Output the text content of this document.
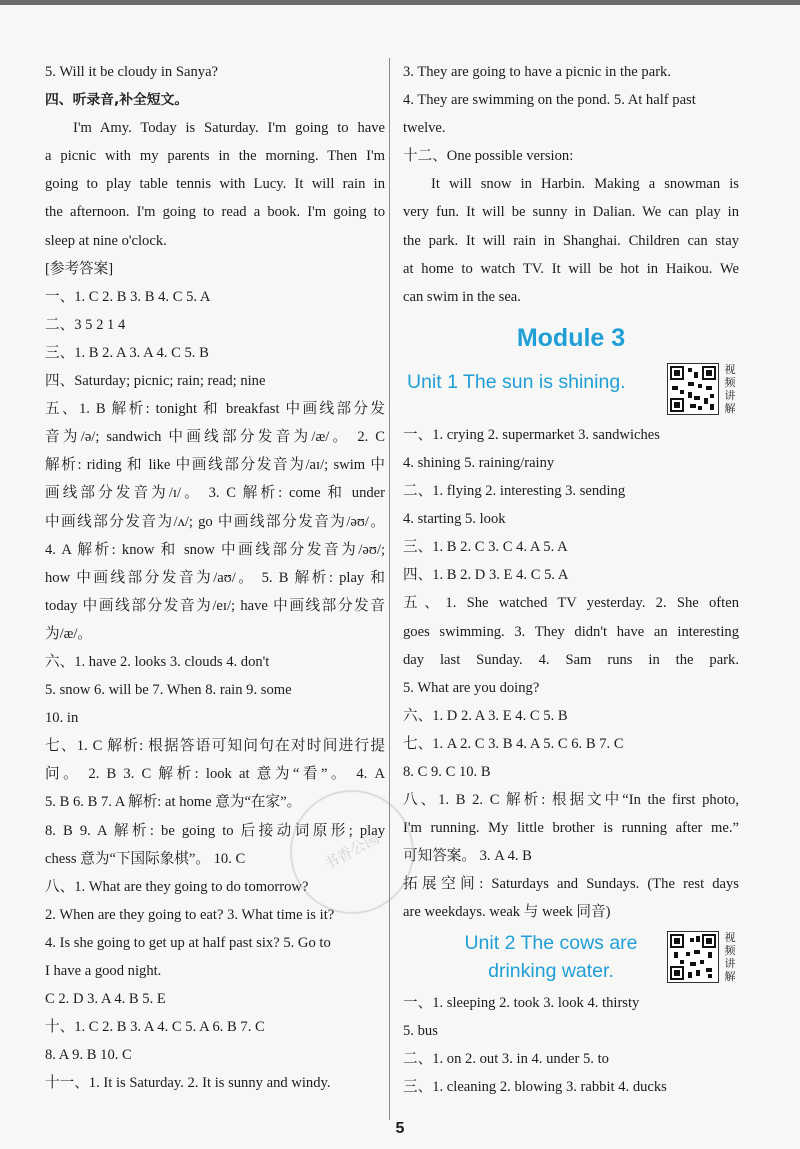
5. Will it be cloudy in Sanya?
四、听录音,补全短文。
I'm Amy. Today is Saturday. I'm going to have
a picnic with my parents in the morning. Then I'm
going to play table tennis with Lucy. It will rain in
the afternoon. I'm going to read a book. I'm going to
sleep at nine o'clock.
[参考答案]
一、1. C 2. B 3. B 4. C 5. A
二、3 5 2 1 4
三、1. B 2. A 3. A 4. C 5. B
四、Saturday; picnic; rain; read; nine
五、1. B 解析: tonight 和 breakfast 中画线部分发
音为/ə/; sandwich 中画线部分发音为/æ/。 2. C
解析: riding 和 like 中画线部分发音为/aɪ/; swim 中
画线部分发音为/ɪ/。 3. C 解析: come 和 under
中画线部分发音为/ʌ/; go 中画线部分发音为/əʊ/。
4. A 解析: know 和 snow 中画线部分发音为/əʊ/;
how 中画线部分发音为/aʊ/。 5. B 解析: play 和
today 中画线部分发音为/eɪ/; have 中画线部分发音
为/æ/。
六、1. have 2. looks 3. clouds 4. don't
5. snow 6. will be 7. When 8. rain 9. some
10. in
七、1. C 解析: 根据答语可知问句在对时间进行提
问。 2. B 3. C 解析: look at 意为“看”。 4. A
5. B 6. B 7. A 解析: at home 意为“在家”。
8. B 9. A 解析: be going to 后接动词原形; play
chess 意为“下国际象棋”。 10. C
八、1. What are they going to do tomorrow?
2. When are they going to eat? 3. What time is it?
4. Is she going to get up at half past six? 5. Go to
I have a good night.
C 2. D 3. A 4. B 5. E
十、1. C 2. B 3. A 4. C 5. A 6. B 7. C
8. A 9. B 10. C
十一、1. It is Saturday. 2. It is sunny and windy.
3. They are going to have a picnic in the park.
4. They are swimming on the pond. 5. At half past
twelve.
十二、One possible version:
It will snow in Harbin. Making a snowman is
very fun. It will be sunny in Dalian. We can play in
the park. It will rain in Shanghai. Children can stay
at home to watch TV. It will be hot in Haikou. We
can swim in the sea.
Module 3
Unit 1 The sun is shining.
视频讲解
一、1. crying 2. supermarket 3. sandwiches
4. shining 5. raining/rainy
二、1. flying 2. interesting 3. sending
4. starting 5. look
三、1. B 2. C 3. C 4. A 5. A
四、1. B 2. D 3. E 4. C 5. A
五、1. She watched TV yesterday. 2. She often
goes swimming. 3. They didn't have an interesting
day last Sunday. 4. Sam runs in the park.
5. What are you doing?
六、1. D 2. A 3. E 4. C 5. B
七、1. A 2. C 3. B 4. A 5. C 6. B 7. C
8. C 9. C 10. B
八、1. B 2. C 解析: 根据文中“In the first photo,
I'm running. My little brother is running after me.”
可知答案。 3. A 4. B
拓展空间: Saturdays and Sundays. (The rest days
are weekdays. weak 与 week 同音)
Unit 2 The cows are
drinking water.
视频讲解
一、1. sleeping 2. took 3. look 4. thirsty
5. bus
二、1. on 2. out 3. in 4. under 5. to
三、1. cleaning 2. blowing 3. rabbit 4. ducks
书香公园
5
